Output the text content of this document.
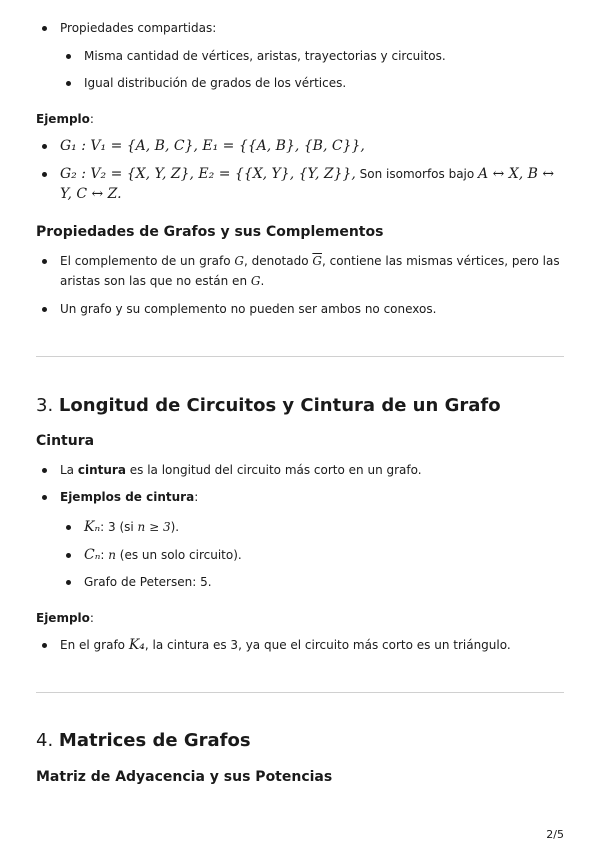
Propiedades compartidas:
Misma cantidad de vértices, aristas, trayectorias y circuitos.
Igual distribución de grados de los vértices.
Ejemplo:
G₁ : V₁ = {A, B, C}, E₁ = {{A, B}, {B, C}},
G₂ : V₂ = {X, Y, Z}, E₂ = {{X, Y}, {Y, Z}}, Son isomorfos bajo A ↔ X, B ↔
Y, C ↔ Z.
Propiedades de Grafos y sus Complementos
El complemento de un grafo G, denotado $\overline{G}$, contiene las mismas vértices, pero las
aristas son las que no están en G.
Un grafo y su complemento no pueden ser ambos no conexos.
3. Longitud de Circuitos y Cintura de un Grafo
Cintura
La cintura es la longitud del circuito más corto en un grafo.
Ejemplos de cintura:
Kₙ: 3 (si n ≥ 3).
Cₙ: n (es un solo circuito).
Grafo de Petersen: 5.
Ejemplo:
En el grafo K₄, la cintura es 3, ya que el circuito más corto es un triángulo.
4. Matrices de Grafos
Matriz de Adyacencia y sus Potencias
2/5
